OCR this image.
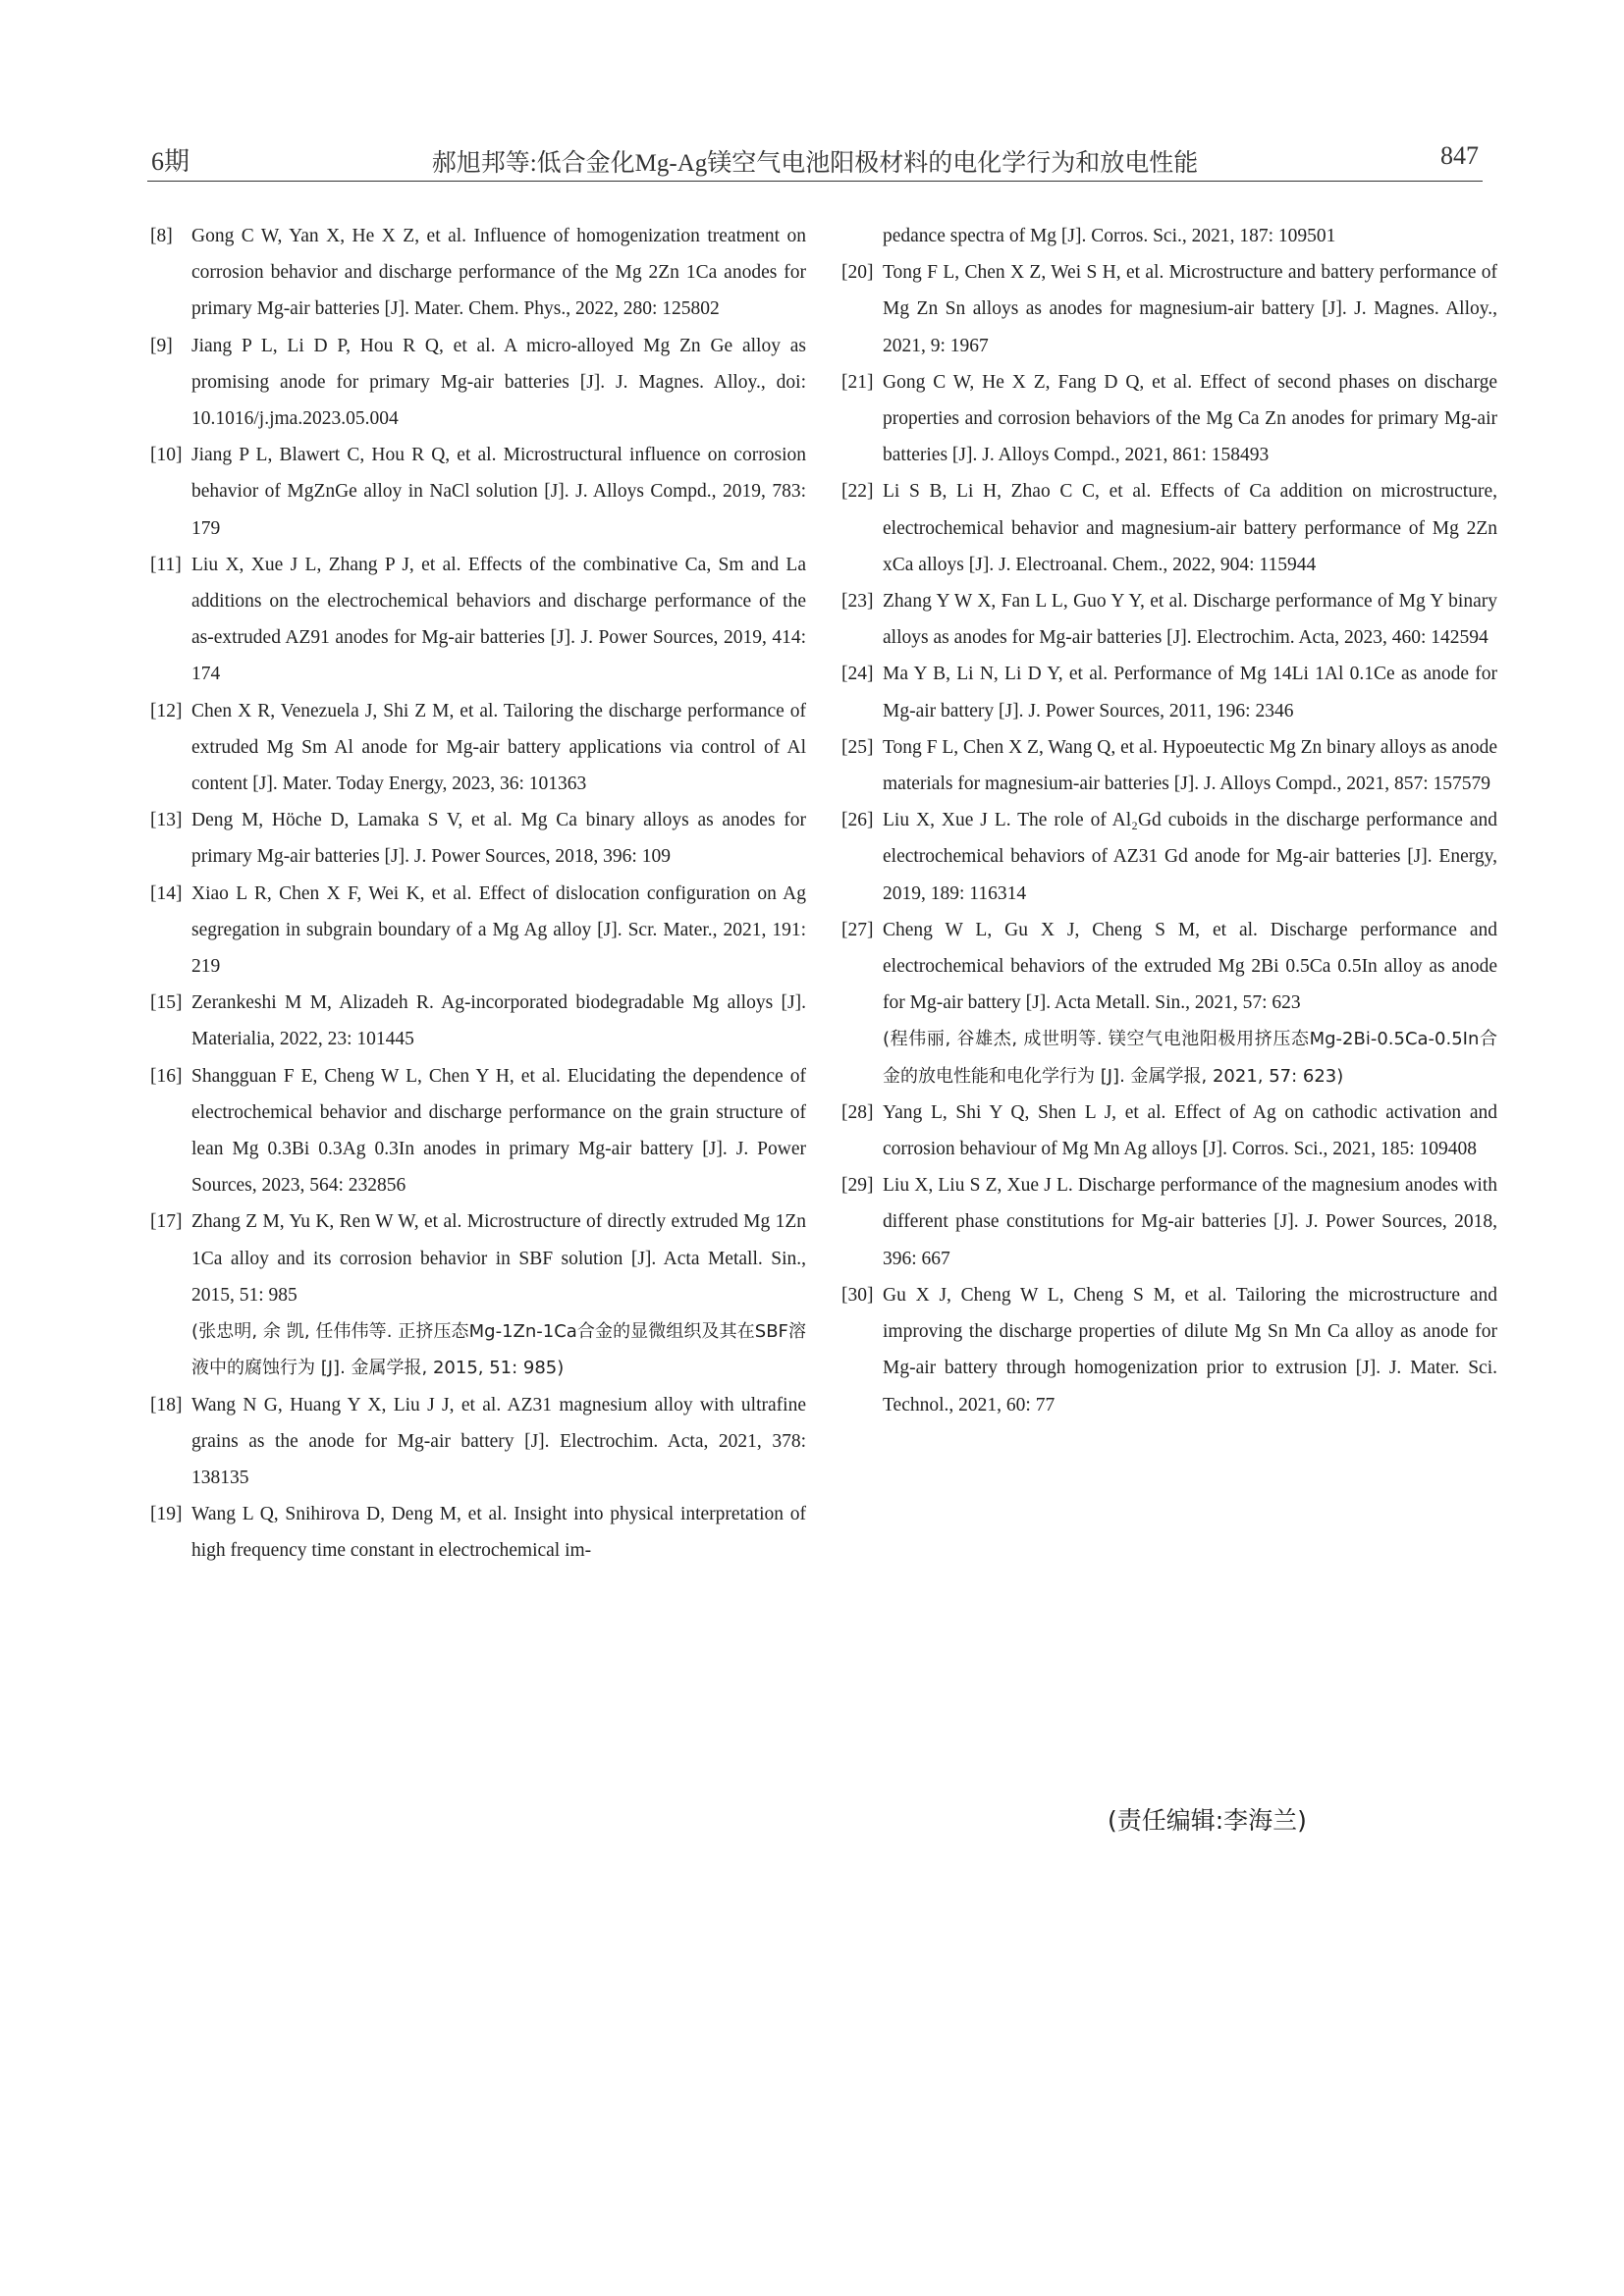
6期	郝旭邦等:低合金化Mg-Ag镁空气电池阳极材料的电化学行为和放电性能	847
[8] Gong C W, Yan X, He X Z, et al. Influence of homogenization treatment on corrosion behavior and discharge performance of the Mg 2Zn 1Ca anodes for primary Mg-air batteries [J]. Mater. Chem. Phys., 2022, 280: 125802
[9] Jiang P L, Li D P, Hou R Q, et al. A micro-alloyed Mg Zn Ge alloy as promising anode for primary Mg-air batteries [J]. J. Magnes. Alloy., doi: 10.1016/j.jma.2023.05.004
[10] Jiang P L, Blawert C, Hou R Q, et al. Microstructural influence on corrosion behavior of MgZnGe alloy in NaCl solution [J]. J. Alloys Compd., 2019, 783: 179
[11] Liu X, Xue J L, Zhang P J, et al. Effects of the combinative Ca, Sm and La additions on the electrochemical behaviors and discharge performance of the as-extruded AZ91 anodes for Mg-air batteries [J]. J. Power Sources, 2019, 414: 174
[12] Chen X R, Venezuela J, Shi Z M, et al. Tailoring the discharge performance of extruded Mg Sm Al anode for Mg-air battery applications via control of Al content [J]. Mater. Today Energy, 2023, 36: 101363
[13] Deng M, Höche D, Lamaka S V, et al. Mg Ca binary alloys as anodes for primary Mg-air batteries [J]. J. Power Sources, 2018, 396: 109
[14] Xiao L R, Chen X F, Wei K, et al. Effect of dislocation configuration on Ag segregation in subgrain boundary of a Mg Ag alloy [J]. Scr. Mater., 2021, 191: 219
[15] Zerankeshi M M, Alizadeh R. Ag-incorporated biodegradable Mg alloys [J]. Materialia, 2022, 23: 101445
[16] Shangguan F E, Cheng W L, Chen Y H, et al. Elucidating the dependence of electrochemical behavior and discharge performance on the grain structure of lean Mg 0.3Bi 0.3Ag 0.3In anodes in primary Mg-air battery [J]. J. Power Sources, 2023, 564: 232856
[17] Zhang Z M, Yu K, Ren W W, et al. Microstructure of directly extruded Mg 1Zn 1Ca alloy and its corrosion behavior in SBF solution [J]. Acta Metall. Sin., 2015, 51: 985
(张忠明, 余 凯, 任伟伟等. 正挤压态Mg-1Zn-1Ca合金的显微组织及其在SBF溶液中的腐蚀行为 [J]. 金属学报, 2015, 51: 985)
[18] Wang N G, Huang Y X, Liu J J, et al. AZ31 magnesium alloy with ultrafine grains as the anode for Mg-air battery [J]. Electrochim. Acta, 2021, 378: 138135
[19] Wang L Q, Snihirova D, Deng M, et al. Insight into physical interpretation of high frequency time constant in electrochemical im-
pedance spectra of Mg [J]. Corros. Sci., 2021, 187: 109501
[20] Tong F L, Chen X Z, Wei S H, et al. Microstructure and battery performance of Mg Zn Sn alloys as anodes for magnesium-air battery [J]. J. Magnes. Alloy., 2021, 9: 1967
[21] Gong C W, He X Z, Fang D Q, et al. Effect of second phases on discharge properties and corrosion behaviors of the Mg Ca Zn anodes for primary Mg-air batteries [J]. J. Alloys Compd., 2021, 861: 158493
[22] Li S B, Li H, Zhao C C, et al. Effects of Ca addition on microstructure, electrochemical behavior and magnesium-air battery performance of Mg 2Zn xCa alloys [J]. J. Electroanal. Chem., 2022, 904: 115944
[23] Zhang Y W X, Fan L L, Guo Y Y, et al. Discharge performance of Mg Y binary alloys as anodes for Mg-air batteries [J]. Electrochim. Acta, 2023, 460: 142594
[24] Ma Y B, Li N, Li D Y, et al. Performance of Mg 14Li 1Al 0.1Ce as anode for Mg-air battery [J]. J. Power Sources, 2011, 196: 2346
[25] Tong F L, Chen X Z, Wang Q, et al. Hypoeutectic Mg Zn binary alloys as anode materials for magnesium-air batteries [J]. J. Alloys Compd., 2021, 857: 157579
[26] Liu X, Xue J L. The role of Al₂Gd cuboids in the discharge performance and electrochemical behaviors of AZ31 Gd anode for Mg-air batteries [J]. Energy, 2019, 189: 116314
[27] Cheng W L, Gu X J, Cheng S M, et al. Discharge performance and electrochemical behaviors of the extruded Mg 2Bi 0.5Ca 0.5In alloy as anode for Mg-air battery [J]. Acta Metall. Sin., 2021, 57: 623
(程伟丽, 谷雄杰, 成世明等. 镁空气电池阳极用挤压态Mg-2Bi-0.5Ca-0.5In合金的放电性能和电化学行为 [J]. 金属学报, 2021, 57: 623)
[28] Yang L, Shi Y Q, Shen L J, et al. Effect of Ag on cathodic activation and corrosion behaviour of Mg Mn Ag alloys [J]. Corros. Sci., 2021, 185: 109408
[29] Liu X, Liu S Z, Xue J L. Discharge performance of the magnesium anodes with different phase constitutions for Mg-air batteries [J]. J. Power Sources, 2018, 396: 667
[30] Gu X J, Cheng W L, Cheng S M, et al. Tailoring the microstructure and improving the discharge properties of dilute Mg Sn Mn Ca alloy as anode for Mg-air battery through homogenization prior to extrusion [J]. J. Mater. Sci. Technol., 2021, 60: 77
(责任编辑:李海兰)
